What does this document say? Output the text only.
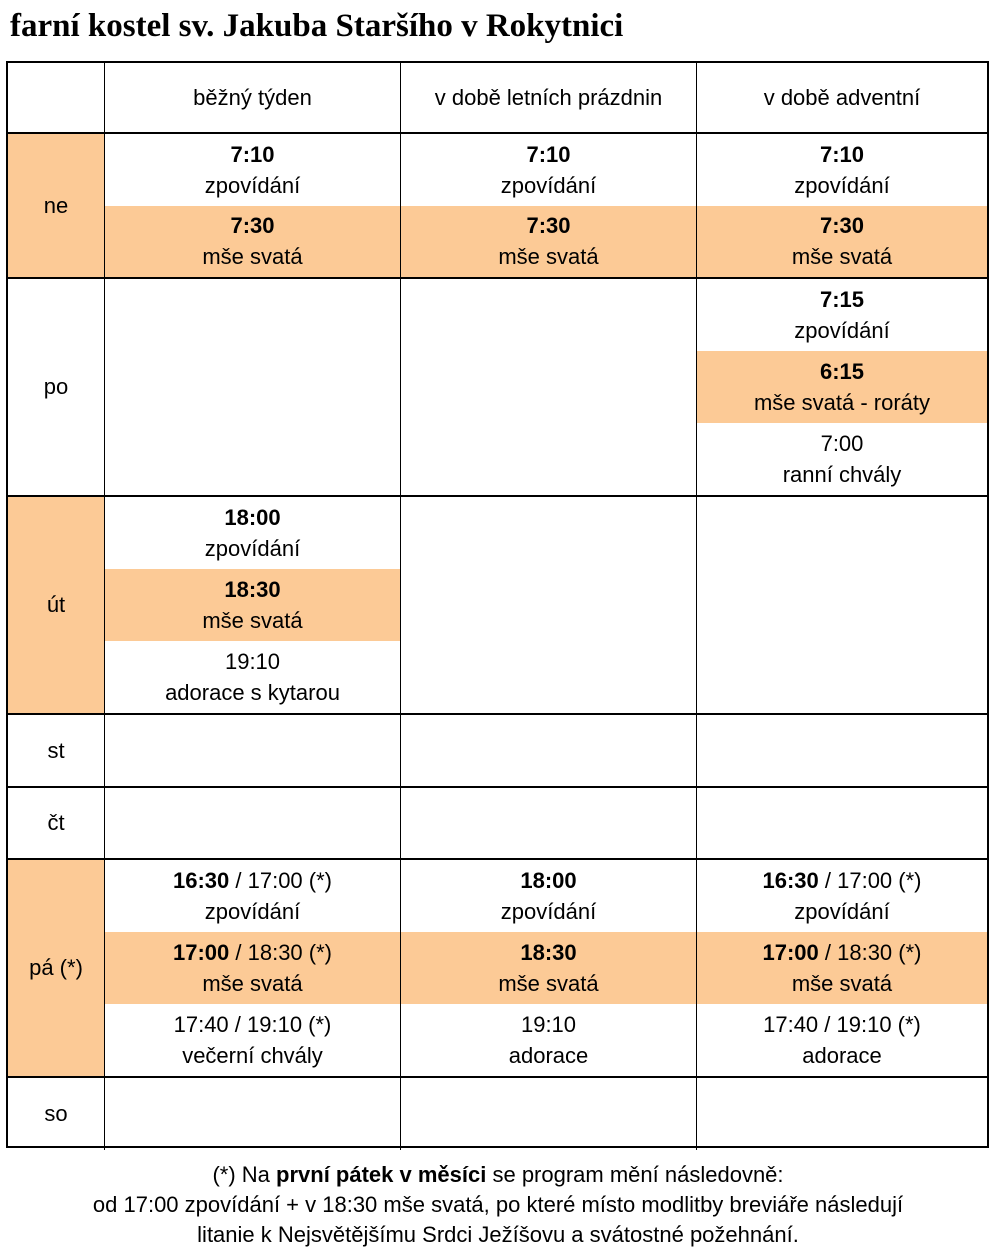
farní kostel sv. Jakuba Staršího v Rokytnici
běžný týden	v době letních prázdnin	v době adventní
ne
7:10
zpovídání
7:30
mše svatá
7:10
zpovídání
7:30
mše svatá
7:10
zpovídání
7:30
mše svatá
po
7:15
zpovídání
6:15
mše svatá - roráty
7:00
ranní chvály
út
18:00
zpovídání
18:30
mše svatá
19:10
adorace s kytarou
st
čt
pá (*)
16:30 / 17:00 (*)
zpovídání
17:00 / 18:30 (*)
mše svatá
17:40 / 19:10 (*)
večerní chvály
18:00
zpovídání
18:30
mše svatá
19:10
adorace
16:30 / 17:00 (*)
zpovídání
17:00 / 18:30 (*)
mše svatá
17:40 / 19:10 (*)
adorace
so

(*) Na první pátek v měsíci se program mění následovně:

od 17:00 zpovídání + v 18:30 mše svatá, po které místo modlitby breviáře následují

litanie k Nejsvětějšímu Srdci Ježíšovu a svátostné požehnání.
